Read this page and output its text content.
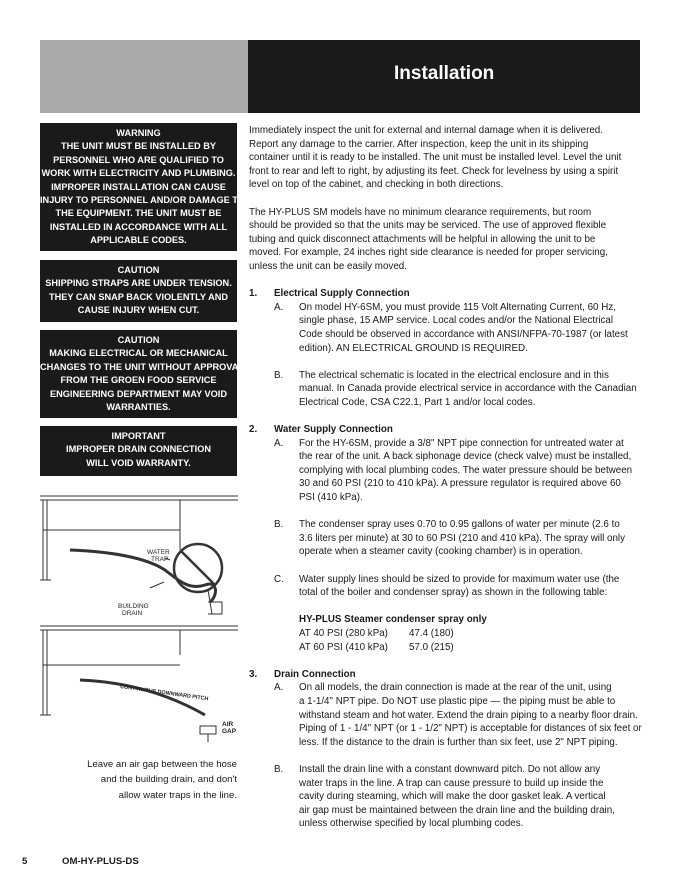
Installation
WARNING
THE UNIT MUST BE INSTALLED BY
PERSONNEL WHO ARE QUALIFIED TO
WORK WITH ELECTRICITY AND PLUMBING.
IMPROPER INSTALLATION CAN CAUSE
INJURY TO PERSONNEL AND/OR DAMAGE TO
THE EQUIPMENT. THE UNIT MUST BE
INSTALLED IN ACCORDANCE WITH ALL
APPLICABLE CODES.
CAUTION
SHIPPING STRAPS ARE UNDER TENSION.
THEY CAN SNAP BACK VIOLENTLY AND
CAUSE INJURY WHEN CUT.
CAUTION
MAKING ELECTRICAL OR MECHANICAL
CHANGES TO THE UNIT WITHOUT APPROVAL
FROM THE GROEN FOOD SERVICE
ENGINEERING DEPARTMENT MAY VOID
WARRANTIES.
IMPORTANT
IMPROPER DRAIN CONNECTION
WILL VOID WARRANTY.
WATER
TRAP
BUILDING
DRAIN
CONTINUOUS DOWNWARD PITCH
AIR
GAP
Leave an air gap between the hose
and the building drain, and don't
allow water traps in the line.
Immediately inspect the unit for external and internal damage when it is delivered.
Report any damage to the carrier. After inspection, keep the unit in its shipping
container until it is ready to be installed. The unit must be installed level. Level the unit
front to rear and left to right, by adjusting its feet. Check for levelness by using a spirit
level on top of the cabinet, and checking in both directions.
The HY-PLUS SM models have no minimum clearance requirements, but room
should be provided so that the units may be serviced. The use of approved flexible
tubing and quick disconnect attachments will be helpful in allowing the unit to be
moved. For example, 24 inches right side clearance is needed for proper servicing,
unless the unit can be easily moved.
1.	Electrical Supply Connection
A.	On model HY-6SM, you must provide 115 Volt Alternating Current, 60 Hz,
single phase, 15 AMP service. Local codes and/or the National Electrical
Code should be observed in accordance with ANSI/NFPA-70-1987 (or latest
edition). AN ELECTRICAL GROUND IS REQUIRED.
B.	The electrical schematic is located in the electrical enclosure and in this
manual. In Canada provide electrical service in accordance with the Canadian
Electrical Code, CSA C22.1, Part 1 and/or local codes.
2.	Water Supply Connection
A.	For the HY-6SM, provide a 3/8" NPT pipe connection for untreated water at
the rear of the unit. A back siphonage device (check valve) must be installed,
complying with local plumbing codes. The water pressure should be between
30 and 60 PSI (210 to 410 kPa). A pressure regulator is required above 60
PSI (410 kPa).
B.	The condenser spray uses 0.70 to 0.95 gallons of water per minute (2.6 to
3.6 liters per minute) at 30 to 60 PSI (210 and 410 kPa). The spray will only
operate when a steamer cavity (cooking chamber) is in operation.
C.	Water supply lines should be sized to provide for maximum water use (the
total of the boiler and condenser spray) as shown in the following table:
HY-PLUS Steamer condenser spray only
AT 40 PSI (280 kPa)	47.4 (180)
AT 60 PSI (410 kPa)	57.0 (215)
3.	Drain Connection
A.	On all models, the drain connection is made at the rear of the unit, using
a 1-1/4" NPT pipe. Do NOT use plastic pipe — the piping must be able to
withstand steam and hot water. Extend the drain piping to a nearby floor drain.
Piping of 1 - 1/4" NPT (or 1 - 1/2" NPT) is acceptable for distances of six feet or
less. If the distance to the drain is further than six feet, use 2" NPT piping.
B.	Install the drain line with a constant downward pitch. Do not allow any
water traps in the line. A trap can cause pressure to build up inside the
cavity during steaming, which will make the door gasket leak. A vertical
air gap must be maintained between the drain line and the building drain,
unless otherwise specified by local plumbing codes.
5	OM-HY-PLUS-DS
